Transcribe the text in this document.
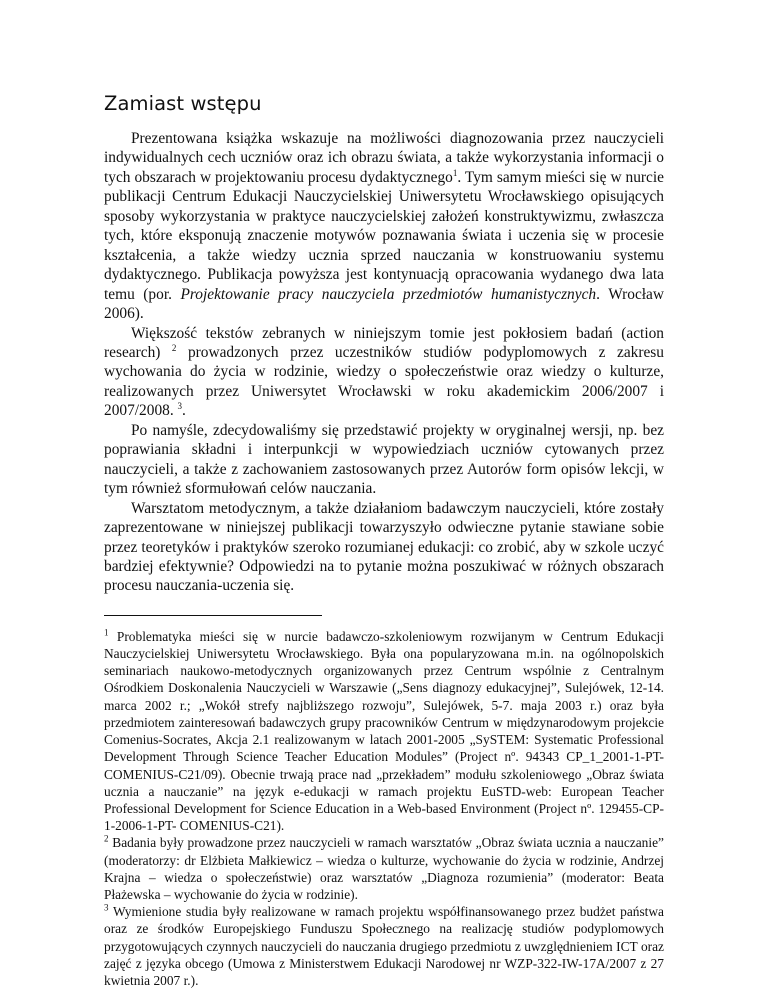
Zamiast wstępu

Prezentowana książka wskazuje na możliwości diagnozowania przez nauczycieli indywidualnych cech uczniów oraz ich obrazu świata, a także wykorzystania informacji o tych obszarach w projektowaniu procesu dydaktycznego$^1$. Tym samym mieści się w nurcie publikacji Centrum Edukacji Nauczycielskiej Uniwersytetu Wrocławskiego opisujących sposoby wykorzystania w praktyce nauczycielskiej założeń konstruktywizmu, zwłaszcza tych, które eksponują znaczenie motywów poznawania świata i uczenia się w procesie kształcenia, a także wiedzy ucznia sprzed nauczania w konstruowaniu systemu dydaktycznego. Publikacja powyższa jest kontynuacją opracowania wydanego dwa lata temu (por. Projektowanie pracy nauczyciela przedmiotów humanistycznych. Wrocław 2006).

Większość tekstów zebranych w niniejszym tomie jest pokłosiem badań (action research) $^2$ prowadzonych przez uczestników studiów podyplomowych z zakresu wychowania do życia w rodzinie, wiedzy o społeczeństwie oraz wiedzy o kulturze, realizowanych przez Uniwersytet Wrocławski w roku akademickim 2006/2007 i 2007/2008. $^3$.

Po namyśle, zdecydowaliśmy się przedstawić projekty w oryginalnej wersji, np. bez poprawiania składni i interpunkcji w wypowiedziach uczniów cytowanych przez nauczycieli, a także z zachowaniem zastosowanych przez Autorów form opisów lekcji, w tym również sformułowań celów nauczania.

Warsztatom metodycznym, a także działaniom badawczym nauczycieli, które zostały zaprezentowane w niniejszej publikacji towarzyszyło odwieczne pytanie stawiane sobie przez teoretyków i praktyków szeroko rozumianej edukacji: co zrobić, aby w szkole uczyć bardziej efektywnie? Odpowiedzi na to pytanie można poszukiwać w różnych obszarach procesu nauczania-uczenia się.

$^1$ Problematyka mieści się w nurcie badawczo-szkoleniowym rozwijanym w Centrum Edukacji Nauczycielskiej Uniwersytetu Wrocławskiego. Była ona popularyzowana m.in. na ogólnopolskich seminariach naukowo-metodycznych organizowanych przez Centrum wspólnie z Centralnym Ośrodkiem Doskonalenia Nauczycieli w Warszawie („Sens diagnozy edukacyjnej”, Sulejówek, 12-14. marca 2002 r.; „Wokół strefy najbliższego rozwoju”, Sulejówek, 5-7. maja 2003 r.) oraz była przedmiotem zainteresowań badawczych grupy pracowników Centrum w międzynarodowym projekcie Comenius-Socrates, Akcja 2.1 realizowanym w latach 2001-2005 „SySTEM: Systematic Professional Development Through Science Teacher Education Modules” (Project nº. 94343 CP_1_2001-1-PT-COMENIUS-C21/09). Obecnie trwają prace nad „przekładem” modułu szkoleniowego „Obraz świata ucznia a nauczanie” na język e-edukacji w ramach projektu EuSTD-web: European Teacher Professional Development for Science Education in a Web-based Environment (Project nº. 129455-CP-1-2006-1-PT- COMENIUS-C21).

$^2$ Badania były prowadzone przez nauczycieli w ramach warsztatów „Obraz świata ucznia a nauczanie” (moderatorzy: dr Elżbieta Małkiewicz – wiedza o kulturze, wychowanie do życia w rodzinie, Andrzej Krajna – wiedza o społeczeństwie) oraz warsztatów „Diagnoza rozumienia” (moderator: Beata Płażewska – wychowanie do życia w rodzinie).

$^3$ Wymienione studia były realizowane w ramach projektu współfinansowanego przez budżet państwa oraz ze środków Europejskiego Funduszu Społecznego na realizację studiów podyplomowych przygotowujących czynnych nauczycieli do nauczania drugiego przedmiotu z uwzględnieniem ICT oraz zajęć z języka obcego (Umowa z Ministerstwem Edukacji Narodowej nr WZP-322-IW-17A/2007 z 27 kwietnia 2007 r.).
